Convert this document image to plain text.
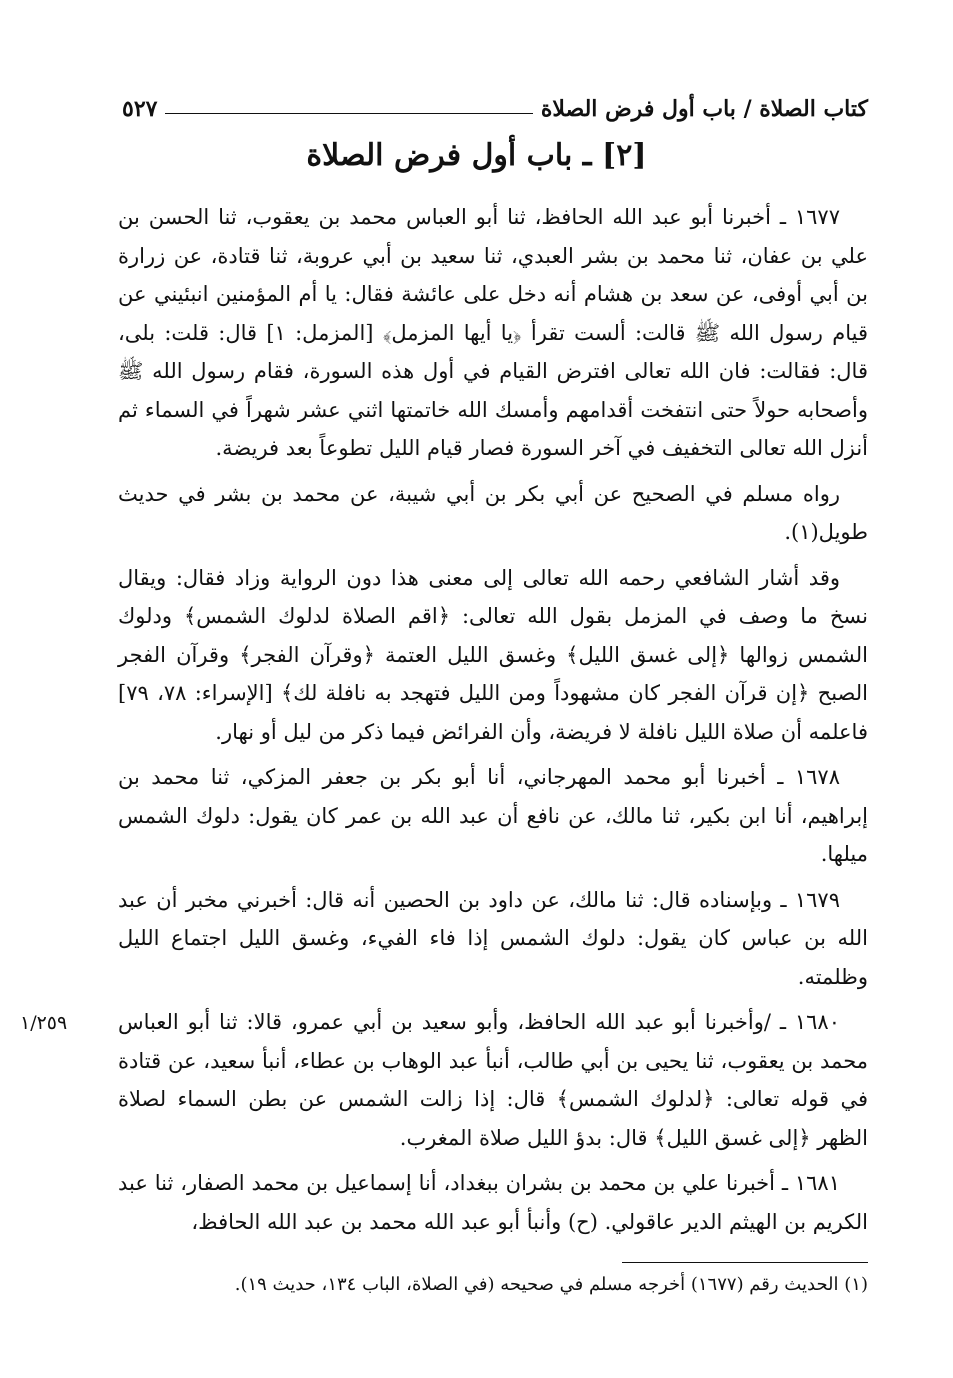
كتاب الصلاة / باب أول فرض الصلاة
٥٢٧
[٢] ـ باب أول فرض الصلاة

١٦٧٧ ـ أخبرنا أبو عبد الله الحافظ، ثنا أبو العباس محمد بن يعقوب، ثنا الحسن بن علي بن عفان، ثنا محمد بن بشر العبدي، ثنا سعيد بن أبي عروبة، ثنا قتادة، عن زرارة بن أبي أوفى، عن سعد بن هشام أنه دخل على عائشة فقال: يا أم المؤمنين انبئيني عن قيام رسول الله ﷺ قالت: ألست تقرأ ﴿يا أيها المزمل﴾ [المزمل: ١] قال: قلت: بلى، قال: فقالت: فان الله تعالى افترض القيام في أول هذه السورة، فقام رسول الله ﷺ وأصحابه حولاً حتى انتفخت أقدامهم وأمسك الله خاتمتها اثني عشر شهراً في السماء ثم أنزل الله تعالى التخفيف في آخر السورة فصار قيام الليل تطوعاً بعد فريضة.

رواه مسلم في الصحيح عن أبي بكر بن أبي شيبة، عن محمد بن بشر في حديث طويل(١).

وقد أشار الشافعي رحمه الله تعالى إلى معنى هذا دون الرواية وزاد فقال: ويقال نسخ ما وصف في المزمل بقول الله تعالى: ﴿اقم الصلاة لدلوك الشمس﴾ ودلوك الشمس زوالها ﴿إلى غسق الليل﴾ وغسق الليل العتمة ﴿وقرآن الفجر﴾ وقرآن الفجر الصبح ﴿إن قرآن الفجر كان مشهوداً ومن الليل فتهجد به نافلة لك﴾ [الإسراء: ٧٨، ٧٩] فاعلمه أن صلاة الليل نافلة لا فريضة، وأن الفرائض فيما ذكر من ليل أو نهار.

١٦٧٨ ـ أخبرنا أبو محمد المهرجاني، أنا أبو بكر بن جعفر المزكي، ثنا محمد بن إبراهيم، أنا ابن بكير، ثنا مالك، عن نافع أن عبد الله بن عمر كان يقول: دلوك الشمس ميلها.

١٦٧٩ ـ وبإسناده قال: ثنا مالك، عن داود بن الحصين أنه قال: أخبرني مخبر أن عبد الله بن عباس كان يقول: دلوك الشمس إذا فاء الفيء، وغسق الليل اجتماع الليل وظلمته.

١٦٨٠ ـ /وأخبرنا أبو عبد الله الحافظ، وأبو سعيد بن أبي عمرو، قالا: ثنا أبو العباس محمد بن يعقوب، ثنا يحيى بن أبي طالب، أنبأ عبد الوهاب بن عطاء، أنبأ سعيد، عن قتادة في قوله تعالى: ﴿لدلوك الشمس﴾ قال: إذا زالت الشمس عن بطن السماء لصلاة الظهر ﴿إلى غسق الليل﴾ قال: بدؤ الليل صلاة المغرب.

١٦٨١ ـ أخبرنا علي بن محمد بن بشران ببغداد، أنا إسماعيل بن محمد الصفار، ثنا عبد الكريم بن الهيثم الدير عاقولي. (ح) وأنبأ أبو عبد الله محمد بن عبد الله الحافظ،

١/٢٥٩
(١) الحديث رقم (١٦٧٧) أخرجه مسلم في صحيحه (في الصلاة، الباب ١٣٤، حديث ١٩).
